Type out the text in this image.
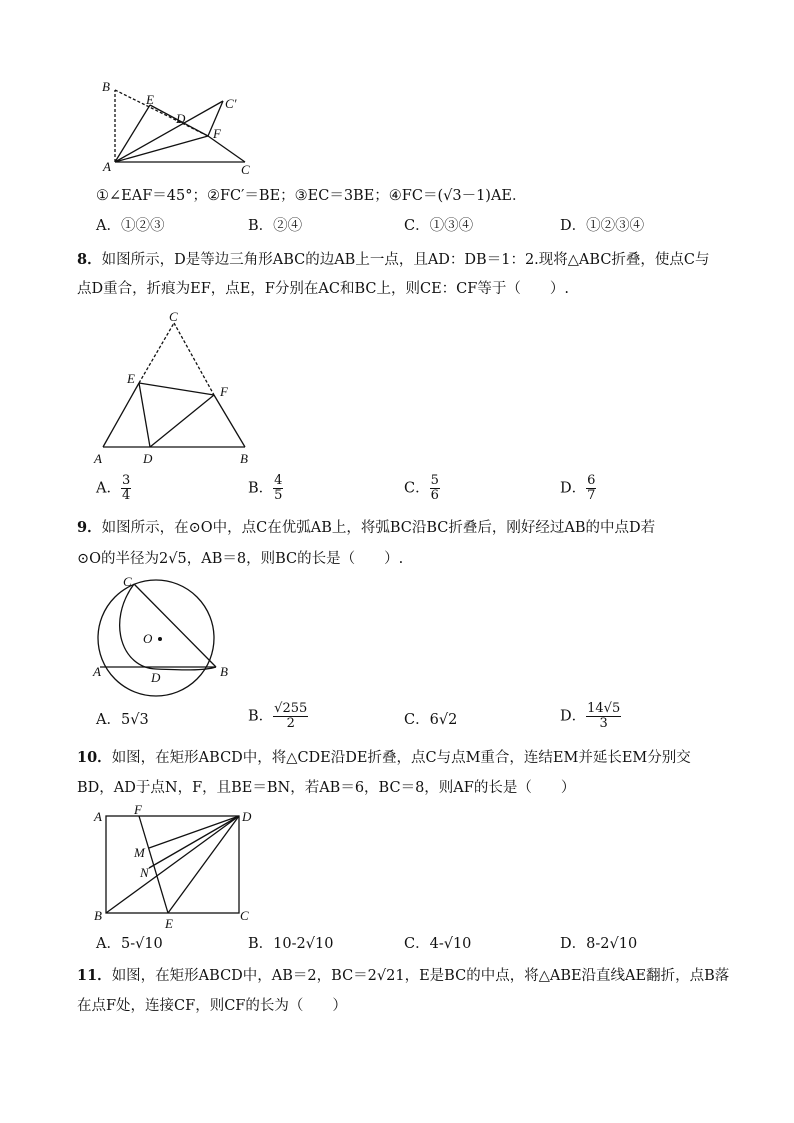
B
E
D
C′
F
A	C
①∠EAF＝45°；②FC′＝BE；③EC＝3BE；④FC＝(√3－1)AE．
A．①②③	B．②④	C．①③④	D．①②③④
8．如图所示，D是等边三角形ABC的边AB上一点，且AD：DB＝1：2.现将△ABC折叠，使点C与
点D重合，折痕为EF，点E，F分别在AC和BC上，则CE：CF等于（　　）.
C
E
F
A	D	B
A． $\frac{3}{4}$	B． $\frac{4}{5}$	C． $\frac{5}{6}$	D． $\frac{6}{7}$
9．如图所示，在⊙O中，点C在优弧AB上，将弧BC沿BC折叠后，刚好经过AB的中点D若
⊙O的半径为2√5，AB＝8，则BC的长是（　　）.
C
O
A	D	B
A．5√3	B． $\frac{√255}{2}$	C．6√2	D． $\frac{14√5}{3}$
10．如图，在矩形ABCD中，将△CDE沿DE折叠，点C与点M重合，连结EM并延长EM分别交
BD，AD于点N，F，且BE＝BN，若AB＝6，BC＝8，则AF的长是（　　）
A F	D
M
N
B
E
C
A．5-√10	B．10-2√10	C．4-√10	D．8-2√10
11．如图，在矩形ABCD中，AB＝2，BC＝2√21，E是BC的中点，将△ABE沿直线AE翻折，点B落
在点F处，连接CF，则CF的长为（　　）
